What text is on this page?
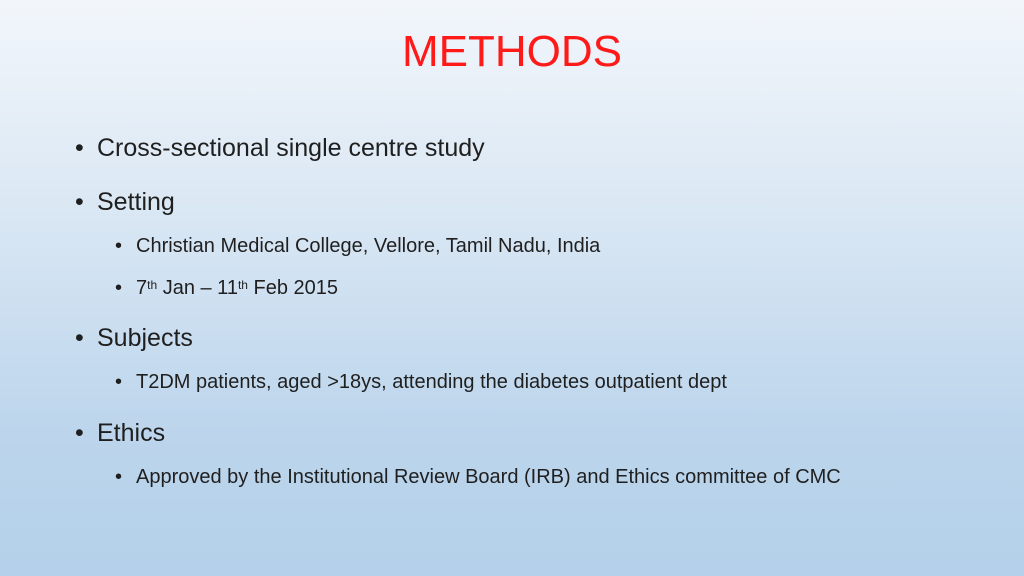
METHODS
• Cross-sectional single centre study
• Setting
• Christian Medical College, Vellore, Tamil Nadu, India
• 7th Jan – 11th Feb 2015
• Subjects
• T2DM patients, aged >18ys, attending the diabetes outpatient dept
• Ethics
• Approved by the Institutional Review Board (IRB) and Ethics committee of CMC
